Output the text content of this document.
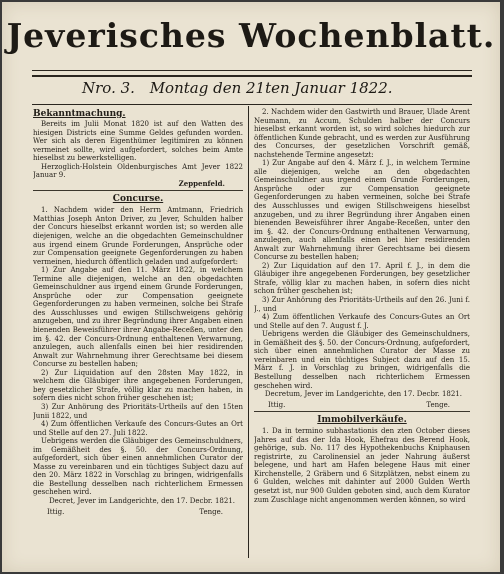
Jeverisches Wochenblatt.
Nro. 3. Montag den 21ten Januar 1822.
Bekanntmachung.

Bereits im Julii Monat 1820 ist auf den Watten des hiesigen Districts eine Summe Geldes gefunden worden. Wer sich als deren Eigenthümer legitimiren zu können vermeinet sollte, wird aufgefordert, solches beim Amte hieselbst zu bewerkstelligen.

Herzoglich-Holstein Oldenburgisches Amt Jever 1822 Januar 9.

Zeppenfeld.
Concurse.

1. Nachdem wider den Herrn Amtmann, Friedrich Matthias Joseph Anton Driver, zu Jever, Schulden halber der Concurs hieselbst erkannt worden ist; so werden alle diejenigen, welche an die obgedachten Gemeinschuldner aus irgend einem Grunde Forderungen, Ansprüche oder zur Compensation geeignete Gegenforderungen zu haben vermeinen, hiedurch öffentlich geladen und aufgefordert:

1) Zur Angabe auf den 11. März 1822, in welchem Termine alle diejenigen, welche an den obgedachten Gemeinschuldner aus irgend einem Grunde Forderungen, Ansprüche oder zur Compensation geeignete Gegenforderungen zu haben vermeinen, solche bei Strafe des Ausschlusses und ewigen Stillschweigens gehörig anzugeben, und zu ihrer Begründung ihrer Angaben einen bienenden Beweisführer ihrer Angabe-Receßen, unter den im §. 42. der Concurs-Ordnung enthaltenen Verwarnung, anzulegen, auch allenfalls einen bei hier residirenden Anwalt zur Wahrnehmung ihrer Gerechtsame bei diesem Concurse zu bestellen haben;

2) Zur Liquidation auf den 28sten May 1822, in welchem die Gläubiger ihre angegebenen Forderungen, bey gesetzlicher Strafe, völlig klar zu machen haben, in sofern dies nicht schon früher geschehen ist;

3) Zur Anhörung des Prioritäts-Urtheils auf den 15ten Junii 1822, und

4) Zum öffentlichen Verkaufe des Concurs-Gutes an Ort und Stelle auf den 27. Juli 1822.

Uebrigens werden die Gläubiger des Gemeinschuldners, im Gemäßheit des §. 50. der Concurs-Ordnung, aufgefordert, sich über einen annehmlichen Curator der Masse zu vereinbaren und ein tüchtiges Subject dazu auf den 20. März 1822 in Vorschlag zu bringen, widrigenfalls die Bestellung desselben nach richterlichem Ermessen geschehen wird.

Decret, Jever im Landgerichte, den 17. Decbr. 1821.
Ittig.	Tenge.

2. Nachdem wider den Gastwirth und Brauer, Ulade Arent Neumann, zu Accum, Schulden halber der Concurs hieselbst erkannt worden ist, so wird solches hiedurch zur öffentlichen Kunde gebracht, und es werden zur Ausführung des Concurses, der gesetzlichen Vorschrift gemäß, nachstehende Termine angesetzt:

1) Zur Angabe auf den 4. März f. J., in welchem Termine alle diejenigen, welche an den obgedachten Gemeinschuldner aus irgend einem Grunde Forderungen, Ansprüche oder zur Compensation geeignete Gegenforderungen zu haben vermeinen, solche bei Strafe des Ausschlusses und ewigen Stillschweigens hieselbst anzugeben, und zu ihrer Begründung ihrer Angaben einen bienenden Beweisführer ihrer Angabe-Receßen, unter den im §. 42. der Concurs-Ordnung enthaltenen Verwarnung, anzulegen, auch allenfalls einen bei hier residirenden Anwalt zur Wahrnehmung ihrer Gerechtsame bei diesem Concurse zu bestellen haben;

2) Zur Liquidation auf den 17. April f. J., in dem die Gläubiger ihre angegebenen Forderungen, bey gesetzlicher Strafe, völlig klar zu machen haben, in sofern dies nicht schon früher geschehen ist;

3) Zur Anhörung des Prioritäts-Urtheils auf den 26. Juni f. J., und

4) Zum öffentlichen Verkaufe des Concurs-Gutes an Ort und Stelle auf den 7. August f. J.

Uebrigens werden die Gläubiger des Gemeinschuldners, in Gemäßheit des §. 50. der Concurs-Ordnung, aufgefordert, sich über einen annehmlichen Curator der Masse zu vereinbaren und ein tüchtiges Subject dazu auf den 15. März f. J. in Vorschlag zu bringen, widrigenfalls die Bestellung desselben nach richterlichem Ermessen geschehen wird.

Decretum, Jever im Landgerichte, den 17. Decbr. 1821.
Ittig.	Tenge.
Immobilverkäufe.

1. Da in termino subhastationis den zten October dieses Jahres auf das der Ida Hook, Ehefrau des Berend Hook, gehörige, sub. No. 117 des Hypothekenbuchs Kniphausen registrirte, zu Carolinensiel an jeder Nahrung äußerst belegene, und hart am Hafen belegene Haus mit einer Kirchenstelle, 2 Gräbern und 6 Sitzplätzen, nebst einem zu 6 Gulden, welches mit dahinter auf 2000 Gulden Werth gesetzt ist, nur 900 Gulden geboten sind, auch dem Kurator zum Zuschlage nicht angenommen werden können, so wird
